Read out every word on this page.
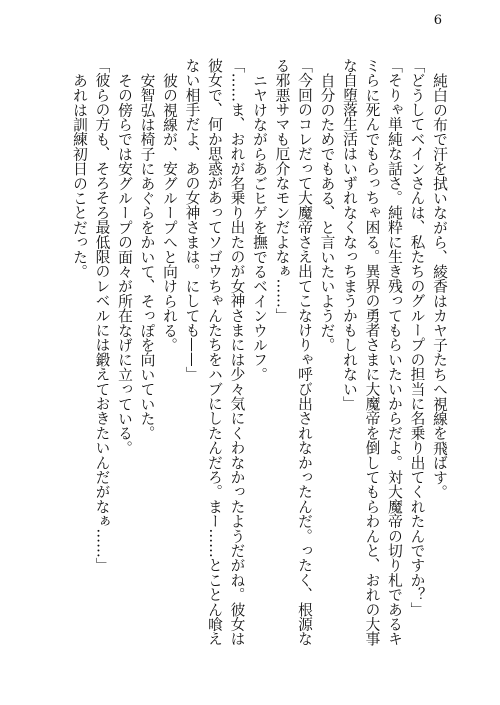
6

純白の布で汗を拭いながら、綾香はカヤ子たちへ視線を飛ばす。

「どうしてベインさんは、私たちのグループの担当に名乗り出てくれたんですか？」

「そりゃ単純な話さ。純粋に生き残ってもらいたいからだよ。対大魔帝の切り札であるキ

ミらに死んでもらっちゃ困る。異界の勇者さまに大魔帝を倒してもらわんと、おれの大事

な自堕落生活はいずれなくなっちまうかもしれない」

自分のためでもある、と言いたいようだ。

「今回のコレだって大魔帝さえ出てこなけりゃ呼び出されなかったんだ。ったく、根源な

る邪悪サマも厄介なモンだよなぁ……」

ニヤけながらあごヒゲを撫でるベインウルフ。

「……ま、おれが名乗り出たのが女神さまには少々気にくわなかったようだがね。彼女は

彼女で、何か思惑があってソゴウちゃんたちをハブにしたんだろ。まー……とことん喰え

ない相手だよ、あの女神さまは。にしても——」

彼の視線が、安グループへと向けられる。

安智弘は椅子にあぐらをかいて、そっぽを向いていた。

その傍らでは安グループの面々が所在なげに立っている。

「彼らの方も、そろそろ最低限のレベルには鍛えておきたいんだがなぁ……」

あれは訓練初日のことだった。
